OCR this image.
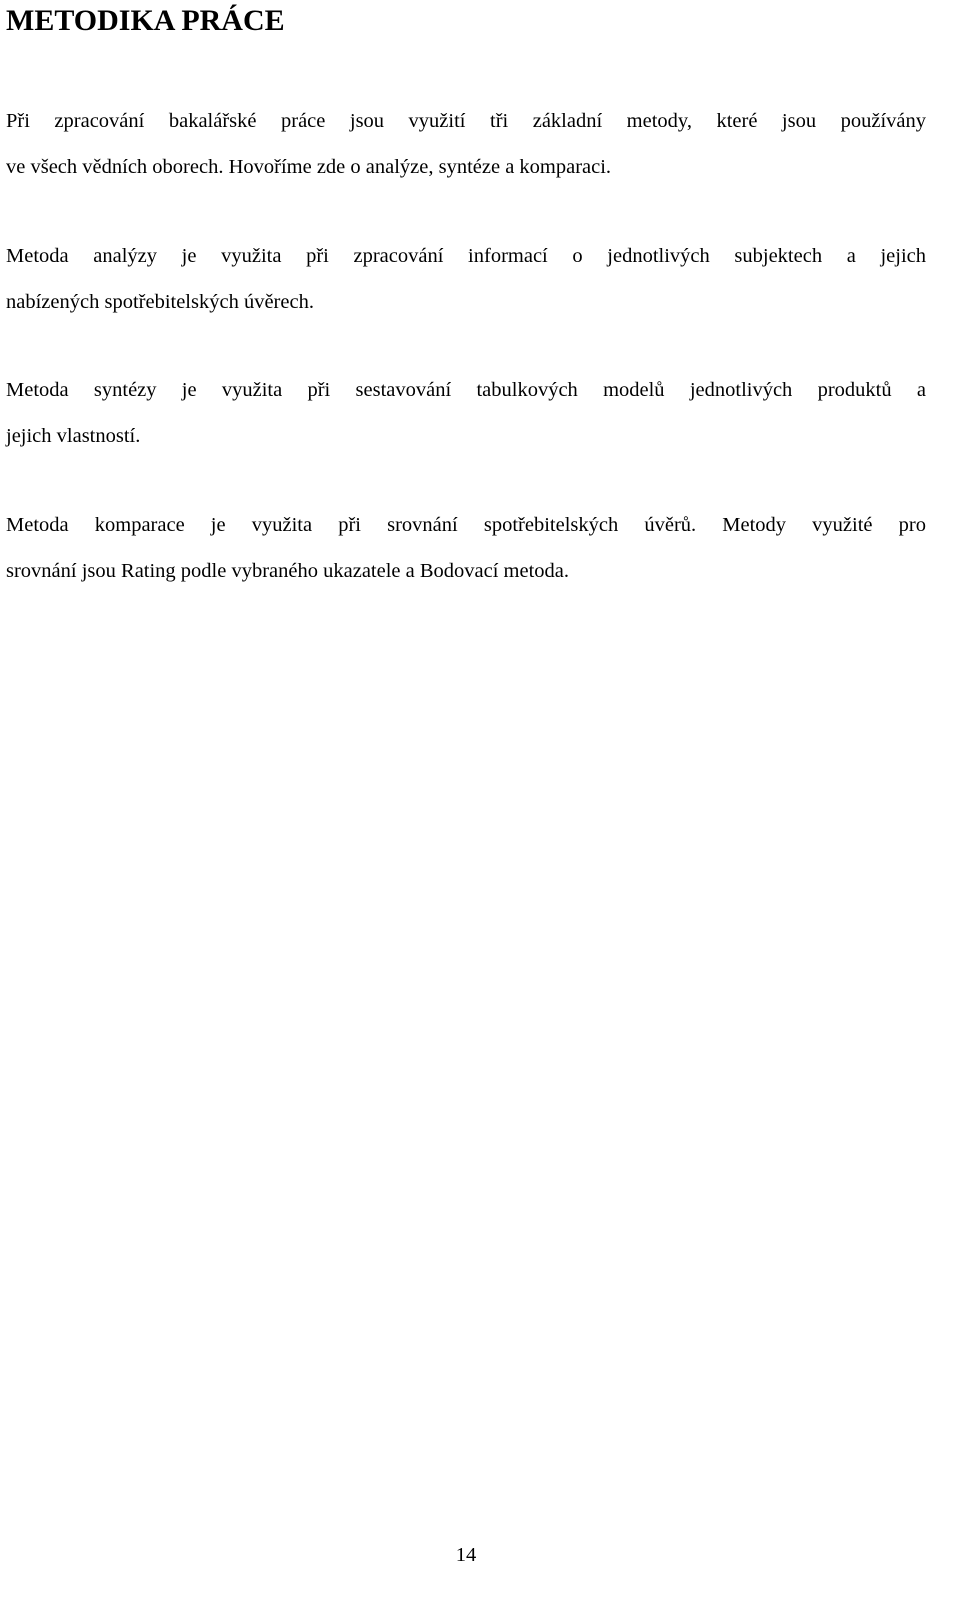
METODIKA PRÁCE

Při zpracování bakalářské práce jsou využití tři základní metody, které jsou používány
ve všech vědních oborech. Hovoříme zde o analýze, syntéze a komparaci.

Metoda analýzy je využita při zpracování informací o jednotlivých subjektech a jejich
nabízených spotřebitelských úvěrech.

Metoda syntézy je využita při sestavování tabulkových modelů jednotlivých produktů a
jejich vlastností.

Metoda komparace je využita při srovnání spotřebitelských úvěrů. Metody využité pro
srovnání jsou Rating podle vybraného ukazatele a Bodovací metoda.

14
